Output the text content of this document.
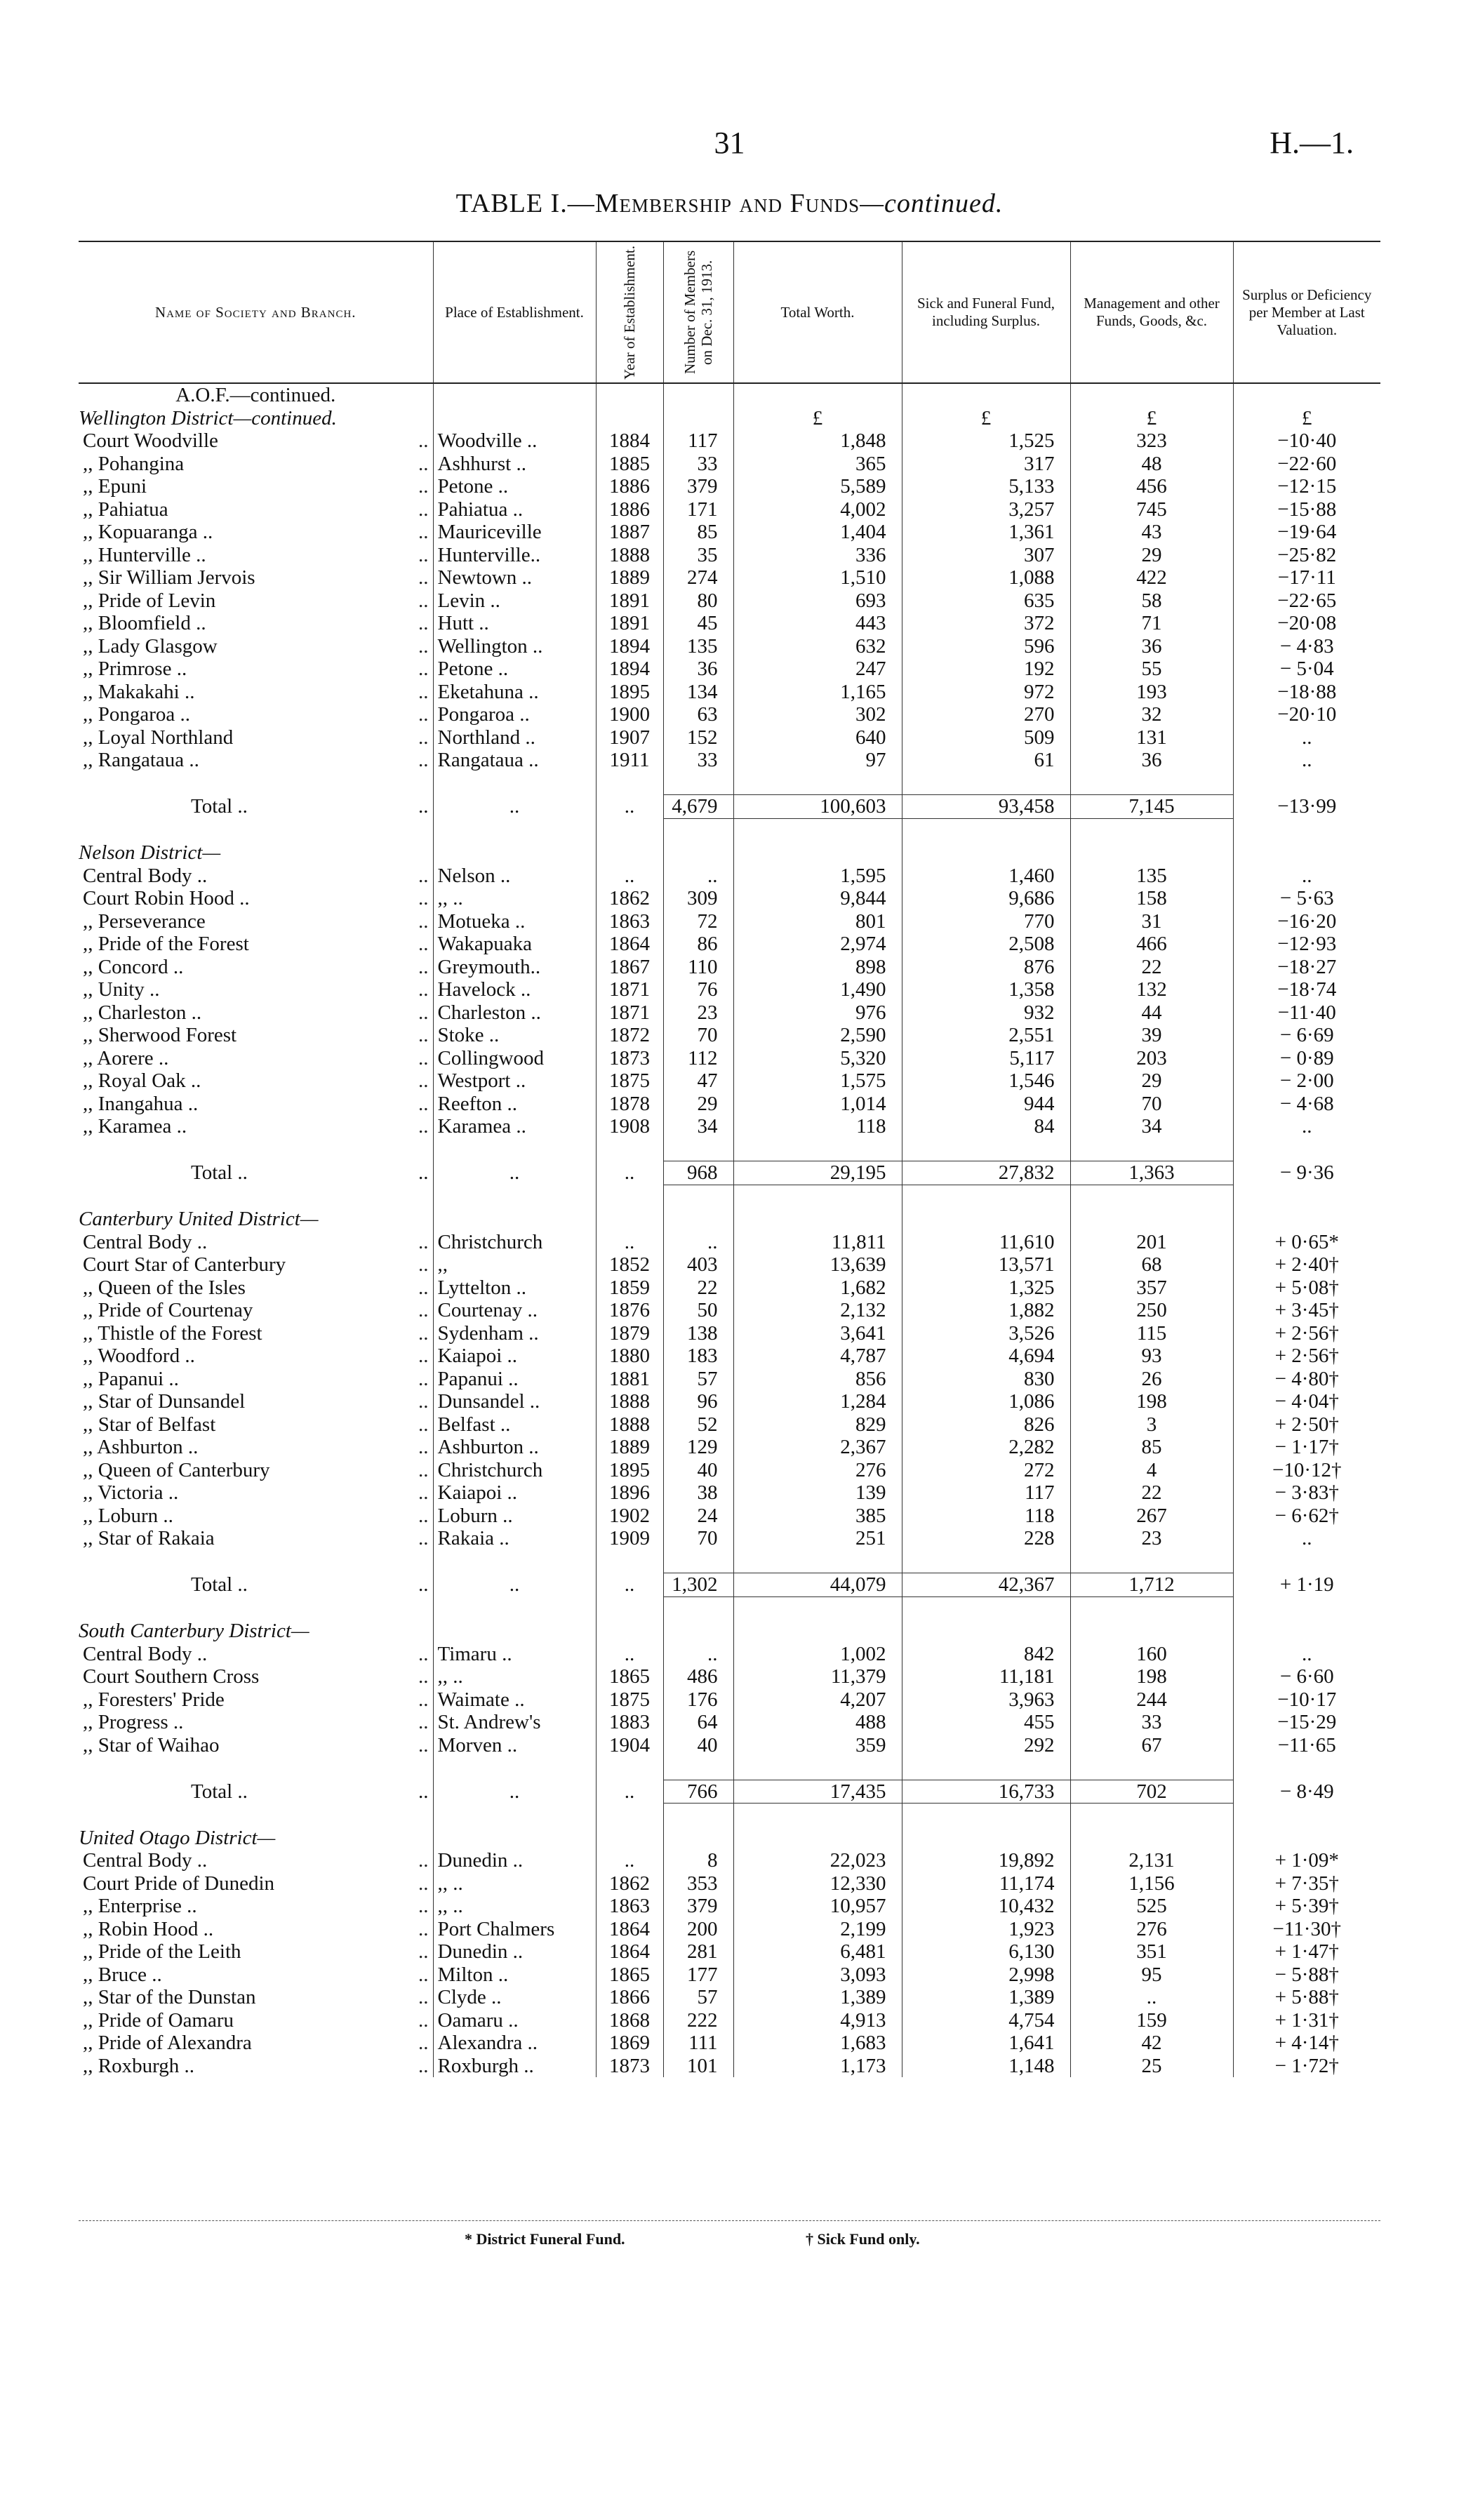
31	H.—1.
TABLE I.—Membership and Funds—continued.
Name of Society and Branch.	Place of Establishment.	Year of Establishment.	Number of Members on Dec. 31, 1913.	Total Worth.	Sick and Funeral Fund, including Surplus.	Management and other Funds, Goods, &c.	Surplus or Deficiency per Member at Last Valuation.
A.O.F.—continued.							
Wellington District—continued.				£	£	£	£
Court Woodville ..	Woodville ..	1884	117	1,848	1,525	323	−10·40
,, Pohangina ..	Ashhurst ..	1885	33	365	317	48	−22·60
,, Epuni ..	Petone ..	1886	379	5,589	5,133	456	−12·15
,, Pahiatua ..	Pahiatua ..	1886	171	4,002	3,257	745	−15·88
,, Kopuaranga .. ..	Mauriceville	1887	85	1,404	1,361	43	−19·64
,, Hunterville .. ..	Hunterville..	1888	35	336	307	29	−25·82
,, Sir William Jervois ..	Newtown ..	1889	274	1,510	1,088	422	−17·11
,, Pride of Levin ..	Levin ..	1891	80	693	635	58	−22·65
,, Bloomfield .. ..	Hutt ..	1891	45	443	372	71	−20·08
,, Lady Glasgow ..	Wellington ..	1894	135	632	596	36	− 4·83
,, Primrose .. ..	Petone ..	1894	36	247	192	55	− 5·04
,, Makakahi .. ..	Eketahuna ..	1895	134	1,165	972	193	−18·88
,, Pongaroa .. ..	Pongaroa ..	1900	63	302	270	32	−20·10
,, Loyal Northland ..	Northland ..	1907	152	640	509	131	..
,, Rangataua .. ..	Rangataua ..	1911	33	97	61	36	..

Total .. ..	..	..	4,679	100,603	93,458	7,145	−13·99

Nelson District—							
Central Body .. ..	Nelson ..	..	..	1,595	1,460	135	..
Court Robin Hood .. ..	,, ..	1862	309	9,844	9,686	158	− 5·63
,, Perseverance ..	Motueka ..	1863	72	801	770	31	−16·20
,, Pride of the Forest ..	Wakapuaka	1864	86	2,974	2,508	466	−12·93
,, Concord .. ..	Greymouth..	1867	110	898	876	22	−18·27
,, Unity .. ..	Havelock ..	1871	76	1,490	1,358	132	−18·74
,, Charleston .. ..	Charleston ..	1871	23	976	932	44	−11·40
,, Sherwood Forest ..	Stoke ..	1872	70	2,590	2,551	39	− 6·69
,, Aorere .. ..	Collingwood	1873	112	5,320	5,117	203	− 0·89
,, Royal Oak .. ..	Westport ..	1875	47	1,575	1,546	29	− 2·00
,, Inangahua .. ..	Reefton ..	1878	29	1,014	944	70	− 4·68
,, Karamea .. ..	Karamea ..	1908	34	118	84	34	..

Total .. ..	..	..	968	29,195	27,832	1,363	− 9·36

Canterbury United District—							
Central Body .. ..	Christchurch	..	..	11,811	11,610	201	+ 0·65*
Court Star of Canterbury ..	,,	1852	403	13,639	13,571	68	+ 2·40†
,, Queen of the Isles ..	Lyttelton ..	1859	22	1,682	1,325	357	+ 5·08†
,, Pride of Courtenay ..	Courtenay ..	1876	50	2,132	1,882	250	+ 3·45†
,, Thistle of the Forest ..	Sydenham ..	1879	138	3,641	3,526	115	+ 2·56†
,, Woodford .. ..	Kaiapoi ..	1880	183	4,787	4,694	93	+ 2·56†
,, Papanui .. ..	Papanui ..	1881	57	856	830	26	− 4·80†
,, Star of Dunsandel ..	Dunsandel ..	1888	96	1,284	1,086	198	− 4·04†
,, Star of Belfast ..	Belfast ..	1888	52	829	826	3	+ 2·50†
,, Ashburton .. ..	Ashburton ..	1889	129	2,367	2,282	85	− 1·17†
,, Queen of Canterbury ..	Christchurch	1895	40	276	272	4	−10·12†
,, Victoria .. ..	Kaiapoi ..	1896	38	139	117	22	− 3·83†
,, Loburn .. ..	Loburn ..	1902	24	385	118	267	− 6·62†
,, Star of Rakaia ..	Rakaia ..	1909	70	251	228	23	..

Total .. ..	..	..	1,302	44,079	42,367	1,712	+ 1·19

South Canterbury District—							
Central Body .. ..	Timaru ..	..	..	1,002	842	160	..
Court Southern Cross ..	,, ..	1865	486	11,379	11,181	198	− 6·60
,, Foresters' Pride ..	Waimate ..	1875	176	4,207	3,963	244	−10·17
,, Progress .. ..	St. Andrew's	1883	64	488	455	33	−15·29
,, Star of Waihao ..	Morven ..	1904	40	359	292	67	−11·65

Total .. ..	..	..	766	17,435	16,733	702	− 8·49

United Otago District—							
Central Body .. ..	Dunedin ..	..	8	22,023	19,892	2,131	+ 1·09*
Court Pride of Dunedin ..	,, ..	1862	353	12,330	11,174	1,156	+ 7·35†
,, Enterprise .. ..	,, ..	1863	379	10,957	10,432	525	+ 5·39†
,, Robin Hood .. ..	Port Chalmers	1864	200	2,199	1,923	276	−11·30†
,, Pride of the Leith ..	Dunedin ..	1864	281	6,481	6,130	351	+ 1·47†
,, Bruce .. ..	Milton ..	1865	177	3,093	2,998	95	− 5·88†
,, Star of the Dunstan ..	Clyde ..	1866	57	1,389	1,389	..	+ 5·88†
,, Pride of Oamaru ..	Oamaru ..	1868	222	4,913	4,754	159	+ 1·31†
,, Pride of Alexandra ..	Alexandra ..	1869	111	1,683	1,641	42	+ 4·14†
,, Roxburgh .. ..	Roxburgh ..	1873	101	1,173	1,148	25	− 1·72†
* District Funeral Fund.	† Sick Fund only.
